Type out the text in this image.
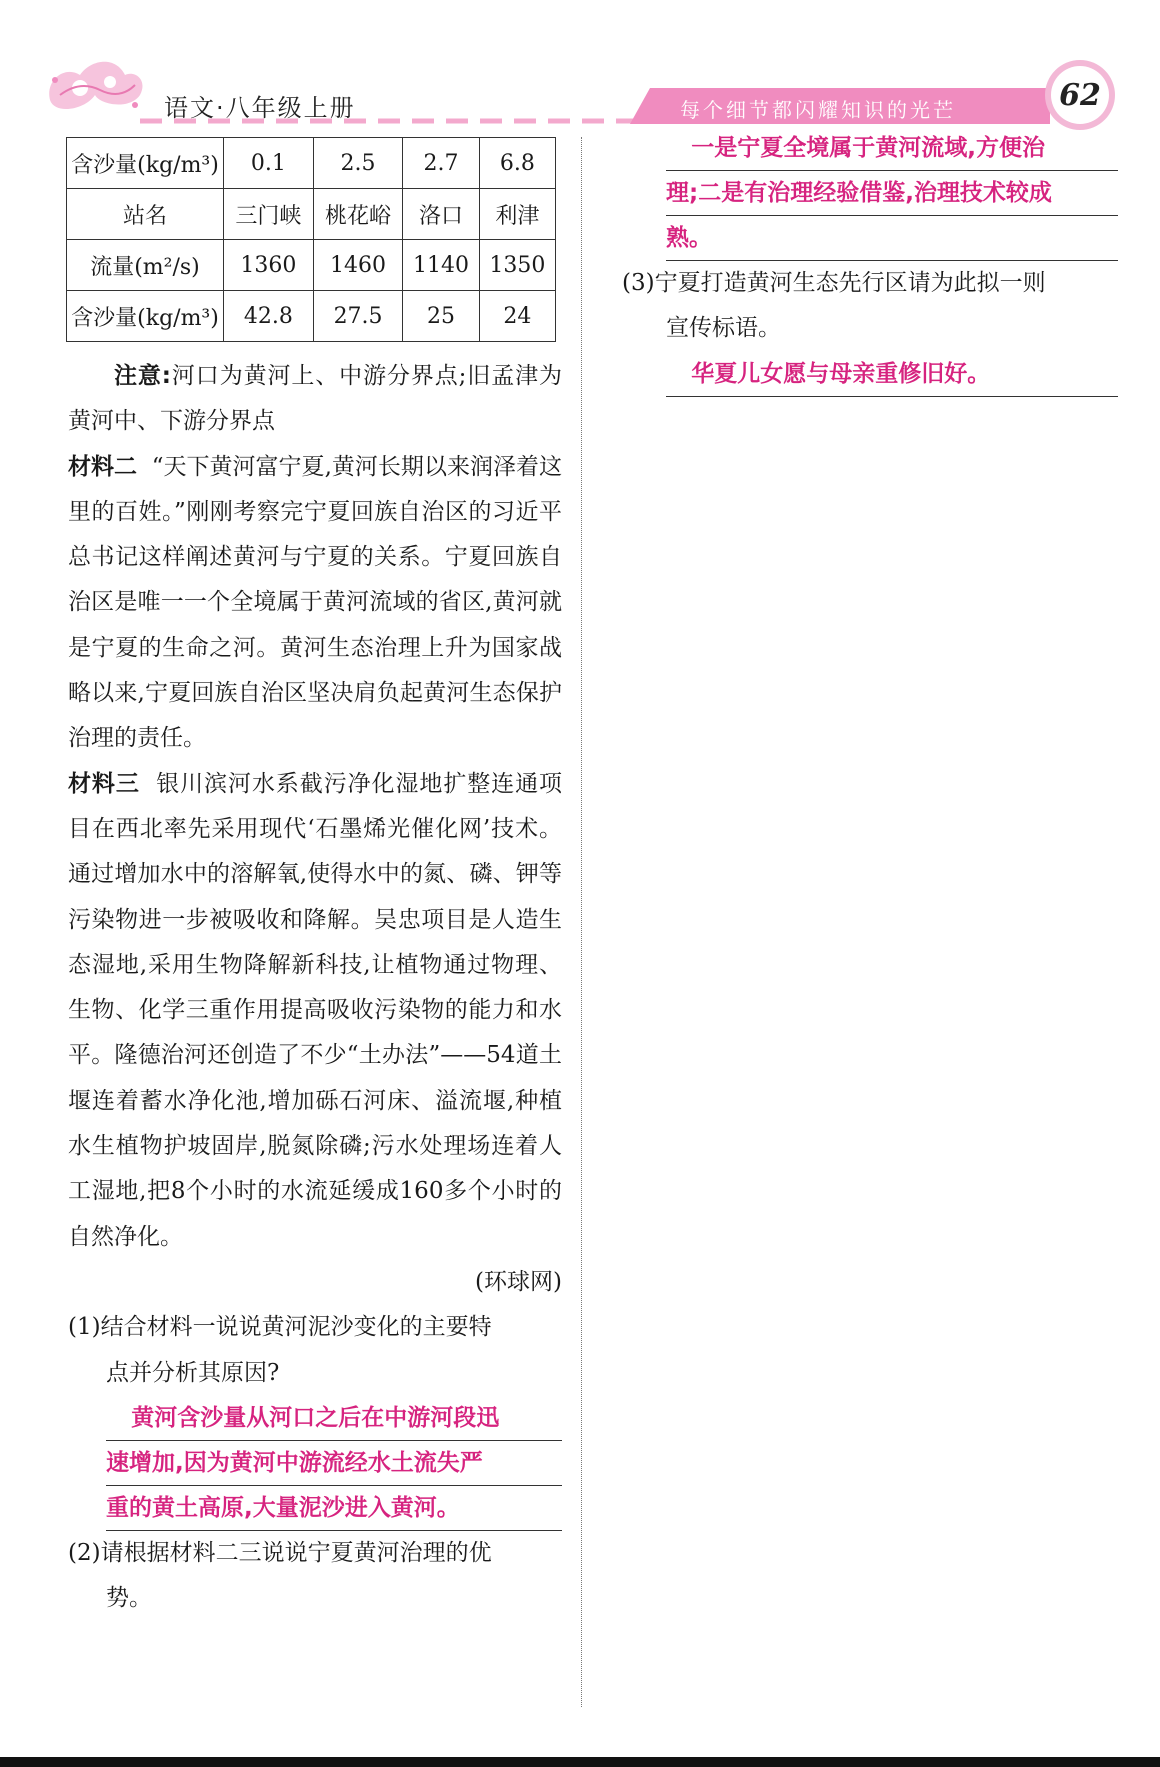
语文·八年级上册	每个细节都闪耀知识的光芒	62
含沙量(kg/m³)	0.1	2.5	2.7	6.8
站名	三门峡	桃花峪	洛口	利津
流量(m²/s)	1360	1460	1140	1350
含沙量(kg/m³)	42.8	27.5	25	24

注意:河口为黄河上、中游分界点;旧孟津为黄河中、下游分界点

材料二 “天下黄河富宁夏,黄河长期以来润泽着这里的百姓。”刚刚考察完宁夏回族自治区的习近平总书记这样阐述黄河与宁夏的关系。宁夏回族自治区是唯一一个全境属于黄河流域的省区,黄河就是宁夏的生命之河。黄河生态治理上升为国家战略以来,宁夏回族自治区坚决肩负起黄河生态保护治理的责任。

材料三 银川滨河水系截污净化湿地扩整连通项目在西北率先采用现代‘石墨烯光催化网’技术。通过增加水中的溶解氧,使得水中的氮、磷、钾等污染物进一步被吸收和降解。吴忠项目是人造生态湿地,采用生物降解新科技,让植物通过物理、生物、化学三重作用提高吸收污染物的能力和水平。隆德治河还创造了不少“土办法”——54道土堰连着蓄水净化池,增加砾石河床、溢流堰,种植水生植物护坡固岸,脱氮除磷;污水处理场连着人工湿地,把8个小时的水流延缓成160多个小时的自然净化。

(环球网)

(1)结合材料一说说黄河泥沙变化的主要特

点并分析其原因?

黄河含沙量从河口之后在中游河段迅
速增加,因为黄河中游流经水土流失严
重的黄土高原,大量泥沙进入黄河。

(2)请根据材料二三说说宁夏黄河治理的优

势。

一是宁夏全境属于黄河流域,方便治
理;二是有治理经验借鉴,治理技术较成
熟。

(3)宁夏打造黄河生态先行区请为此拟一则

宣传标语。

华夏儿女愿与母亲重修旧好。
